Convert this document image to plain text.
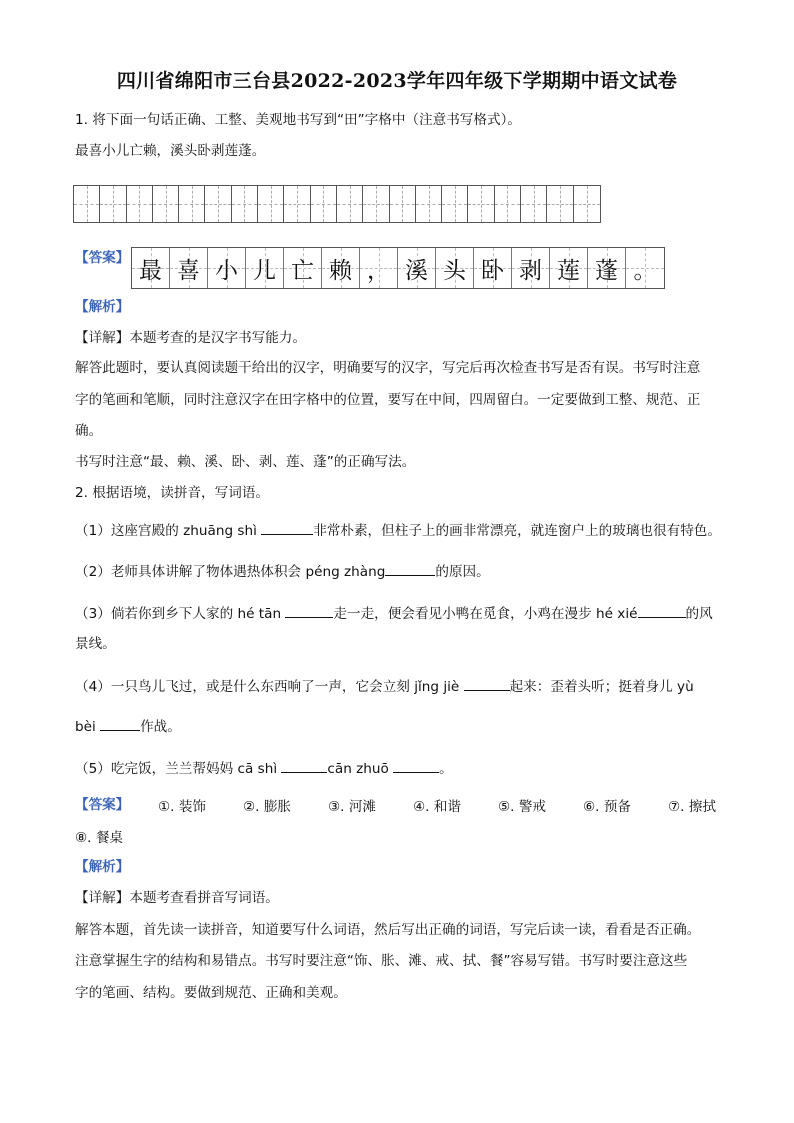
四川省绵阳市三台县2022-2023学年四年级下学期期中语文试卷
1. 将下面一句话正确、工整、美观地书写到“田”字格中（注意书写格式）。
最喜小儿亡赖，溪头卧剥莲蓬。
【答案】 最 喜 小 儿 亡 赖 ， 溪 头 卧 剥 莲 蓬 。
【解析】
【详解】本题考查的是汉字书写能力。
解答此题时，要认真阅读题干给出的汉字，明确要写的汉字，写完后再次检查书写是否有误。书写时注意
字的笔画和笔顺，同时注意汉字在田字格中的位置，要写在中间，四周留白。一定要做到工整、规范、正
确。
书写时注意“最、赖、溪、卧、剥、莲、蓬”的正确写法。
2. 根据语境，读拼音，写词语。
（1）这座宫殿的 zhuāng shì	非常朴素，但柱子上的画非常漂亮，就连窗户上的玻璃也很有特色。
（2）老师具体讲解了物体遇热体积会 péng zhàng	的原因。
（3）倘若你到乡下人家的 hé tān	走一走，便会看见小鸭在觅食，小鸡在漫步 hé xié	的风
景线。
（4）一只鸟儿飞过，或是什么东西响了一声，它会立刻 jǐng jiè	起来：歪着头听；挺着身儿 yù
bèi	作战。
（5）吃完饭，兰兰帮妈妈 cā shì	cān zhuō	。
【答案】 ①. 装饰	②. 膨胀	③. 河滩	④. 和谐	⑤. 警戒	⑥. 预备	⑦. 擦拭
⑧. 餐桌
【解析】
【详解】本题考查看拼音写词语。
解答本题，首先读一读拼音，知道要写什么词语，然后写出正确的词语，写完后读一读，看看是否正确。
注意掌握生字的结构和易错点。书写时要注意“饰、胀、滩、戒、拭、餐”容易写错。书写时要注意这些
字的笔画、结构。要做到规范、正确和美观。
